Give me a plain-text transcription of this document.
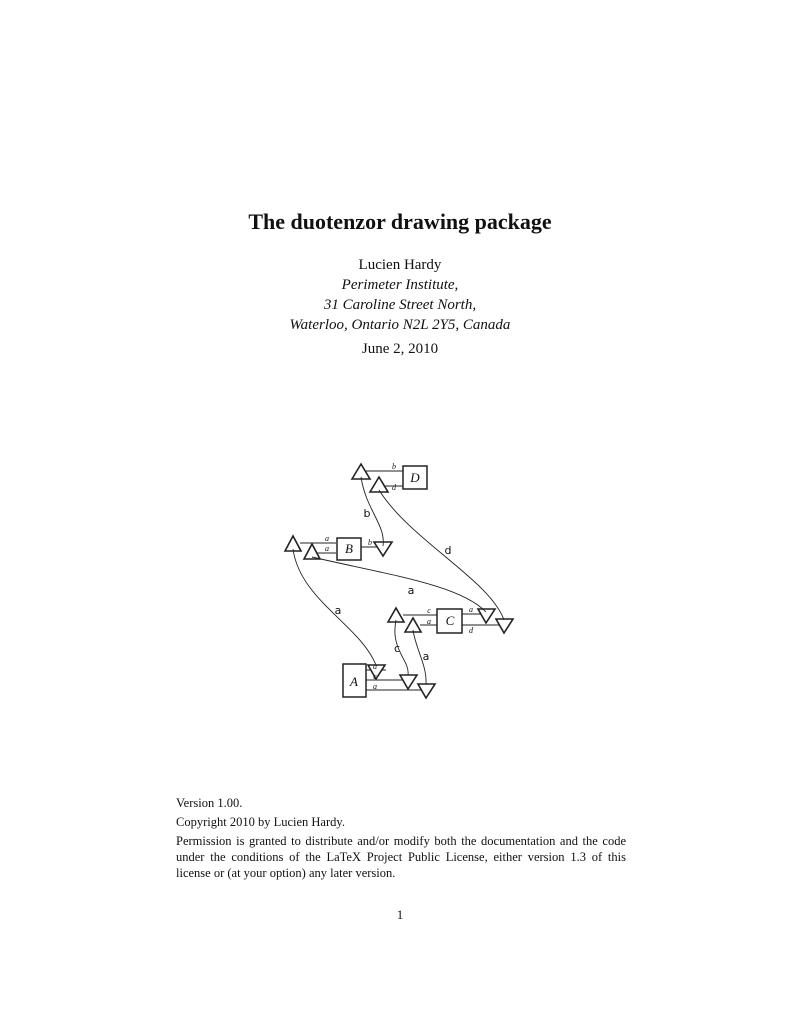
The duotenzor drawing package
Lucien Hardy
Perimeter Institute,
31 Caroline Street North,
Waterloo, Ontario N2L 2Y5, Canada
June 2, 2010
D
b
d
B
a
a
b
C
c
a
a
d
A
a
c
a
b
d
a
a
c
a

Version 1.00.

Copyright 2010 by Lucien Hardy.

Permission is granted to distribute and/or modify both the documentation and the code under the conditions of the LaTeX Project Public License, either version 1.3 of this license or (at your option) any later version.

1
